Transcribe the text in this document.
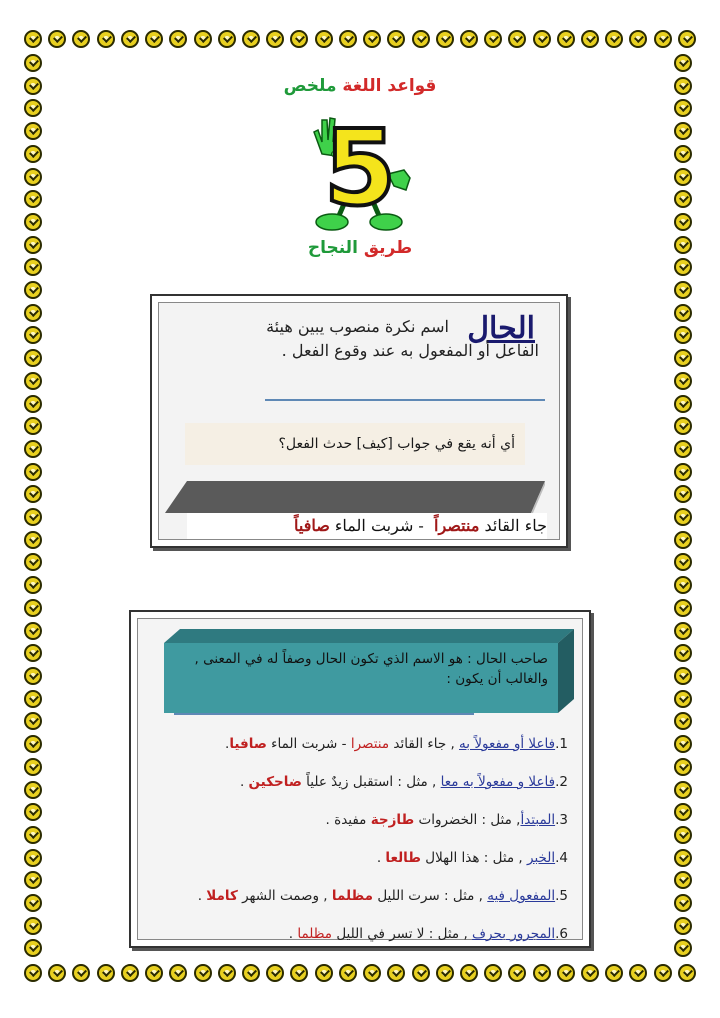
قواعد اللغة ملخص
5
طريق النجاح
الحال
اسم نكرة منصوب يبين هيئة
الفاعل أو المفعول به عند وقوع الفعل .
أي أنه يقع في جواب [كيف] حدث الفعل؟
جاء القائد منتصراً  - شربت الماء صافياً
صاحب الحال : هو الاسم الذي تكون الحال وصفاً له في المعنى , والغالب أن يكون :
1.فاعلا أو مفعولاً به , جاء القائد منتصرا - شربت الماء صافيا.
2.فاعلا و مفعولاً به معا , مثل : استقبل زيدٌ علياً ضاحكين .
3.المبتدأ, مثل : الخضروات طازجة مفيدة .
4.الخبر , مثل : هذا الهلال طالعا .
5.المفعول فيه , مثل : سرت الليل مظلما , وصمت الشهر كاملا .
6.المجرور بحرف , مثل : لا تسر في الليل مظلما .
